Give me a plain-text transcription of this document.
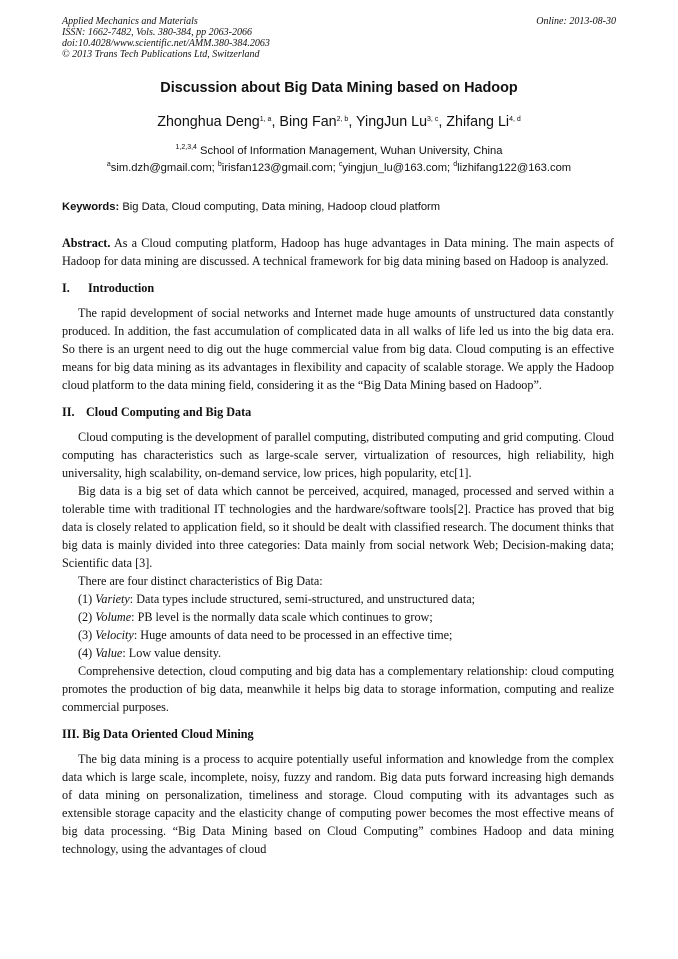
Applied Mechanics and Materials
ISSN: 1662-7482, Vols. 380-384, pp 2063-2066
doi:10.4028/www.scientific.net/AMM.380-384.2063
© 2013 Trans Tech Publications Ltd, Switzerland
Online: 2013-08-30
Discussion about Big Data Mining based on Hadoop
Zhonghua Deng$^{1, a}$, Bing Fan$^{2, b}$, YingJun Lu$^{3, c}$, Zhifang Li$^{4, d}$
$^{1,2,3,4}$ School of Information Management, Wuhan University, China
$^a$sim.dzh@gmail.com; $^b$irisfan123@gmail.com; $^c$yingjun_lu@163.com; $^d$lizhifang122@163.com
Keywords: Big Data, Cloud computing, Data mining, Hadoop cloud platform

Abstract. As a Cloud computing platform, Hadoop has huge advantages in Data mining. The main aspects of Hadoop for data mining are discussed. A technical framework for big data mining based on Hadoop is analyzed.

I. Introduction

The rapid development of social networks and Internet made huge amounts of unstructured data constantly produced. In addition, the fast accumulation of complicated data in all walks of life led us into the big data era. So there is an urgent need to dig out the huge commercial value from big data. Cloud computing is an effective means for big data mining as its advantages in flexibility and capacity of scalable storage. We apply the Hadoop cloud platform to the data mining field, considering it as the “Big Data Mining based on Hadoop”.

II. Cloud Computing and Big Data

Cloud computing is the development of parallel computing, distributed computing and grid computing. Cloud computing has characteristics such as large-scale server, virtualization of resources, high reliability, high universality, high scalability, on-demand service, low prices, high popularity, etc[1].

Big data is a big set of data which cannot be perceived, acquired, managed, processed and served within a tolerable time with traditional IT technologies and the hardware/software tools[2]. Practice has proved that big data is closely related to application field, so it should be dealt with classified research. The document thinks that big data is mainly divided into three categories: Data mainly from social network Web; Decision-making data; Scientific data [3].

There are four distinct characteristics of Big Data:

(1) Variety: Data types include structured, semi-structured, and unstructured data;

(2) Volume: PB level is the normally data scale which continues to grow;

(3) Velocity: Huge amounts of data need to be processed in an effective time;

(4) Value: Low value density.

Comprehensive detection, cloud computing and big data has a complementary relationship: cloud computing promotes the production of big data, meanwhile it helps big data to storage information, computing and realize commercial purposes.

III. Big Data Oriented Cloud Mining

The big data mining is a process to acquire potentially useful information and knowledge from the complex data which is large scale, incomplete, noisy, fuzzy and random. Big data puts forward increasing high demands of data mining on personalization, timeliness and storage. Cloud computing with its advantages such as extensible storage capacity and the elasticity change of computing power becomes the most effective means of big data processing. “Big Data Mining based on Cloud Computing” combines Hadoop and data mining technology, using the advantages of cloud
